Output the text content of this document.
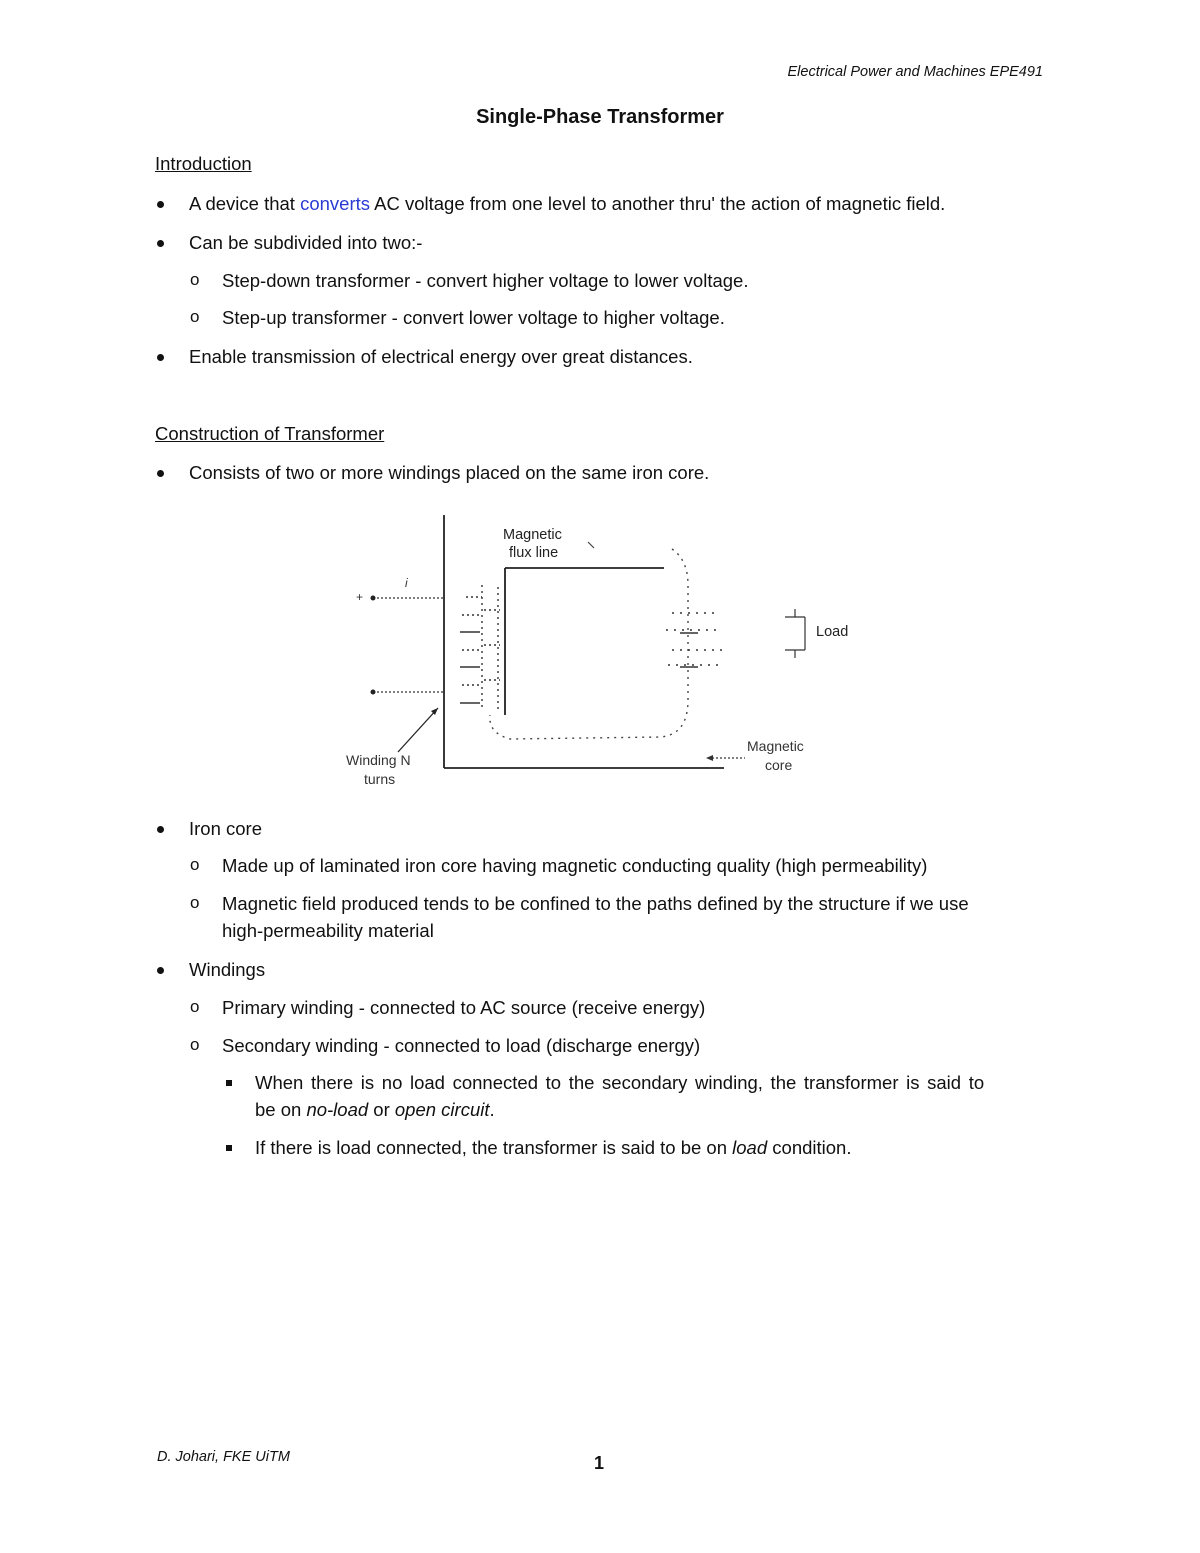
Electrical Power and Machines EPE491
Single-Phase Transformer
Introduction
A device that converts AC voltage from one level to another thru' the action of magnetic field.
Can be subdivided into two:-
o Step-down transformer - convert higher voltage to lower voltage.
o Step-up transformer - convert lower voltage to higher voltage.
Enable transmission of electrical energy over great distances.
Construction of Transformer
Consists of two or more windings placed on the same iron core.
+
i
Magnetic
flux line
Load
Winding N
turns
Magnetic
core
Iron core
o Made up of laminated iron core having magnetic conducting quality (high permeability)
o Magnetic field produced tends to be confined to the paths defined by the structure if we use
high-permeability material
Windings
o Primary winding - connected to AC source (receive energy)
o Secondary winding - connected to load (discharge energy)
When there is no load connected to the secondary winding, the transformer is said to
be on no-load or open circuit.
If there is load connected, the transformer is said to be on load condition.
D. Johari, FKE UiTM	1
